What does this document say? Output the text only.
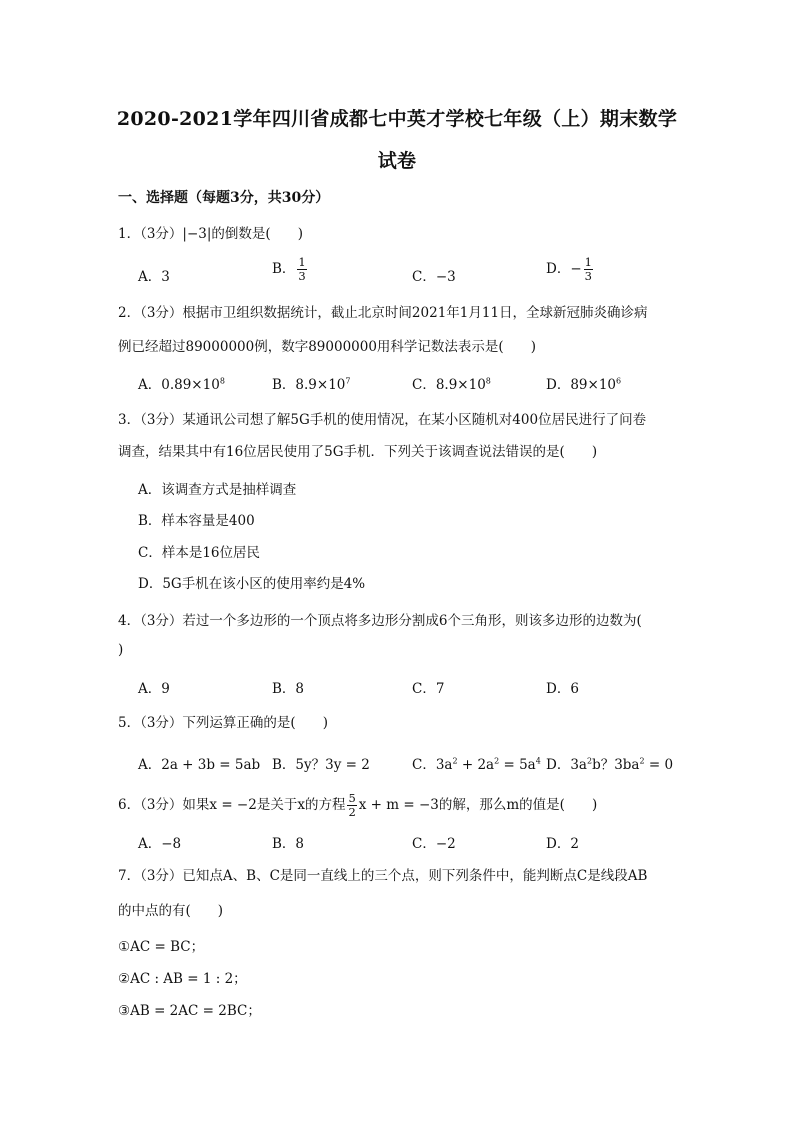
2020-2021学年四川省成都七中英才学校七年级（上）期末数学
试卷
一、选择题（每题3分，共30分）
1．（3分）|−3|的倒数是(　　)
A．3	B． $\frac{1}{3}$	C．−3	D．− $\frac{1}{3}$
2．（3分）根据市卫组织数据统计，截止北京时间2021年1月11日，全球新冠肺炎确诊病
例已经超过89000000例，数字89000000用科学记数法表示是(　　)
A．$0.89\times 10^8$	B．$8.9\times 10^7$	C．$8.9\times 10^8$	D．$89\times 10^6$
3．（3分）某通讯公司想了解5G手机的使用情况，在某小区随机对400位居民进行了问卷
调查，结果其中有16位居民使用了5G手机．下列关于该调查说法错误的是(　　)
A．该调查方式是抽样调查
B．样本容量是400
C．样本是16位居民
D．5G手机在该小区的使用率约是4%
4．（3分）若过一个多边形的一个顶点将多边形分割成6个三角形，则该多边形的边数为(
)
A．9	B．8	C．7	D．6
5．（3分）下列运算正确的是(　　)
A．2a + 3b = 5ab B．5y？3y = 2	C．$3a^2 + 2a^2 = 5a^4$ D．$3a^2b$？$3ba^2 = 0$
6．（3分）如果x = −2是关于x的方程 $\frac{5}{2}$ x + m = −3的解，那么m的值是(　　)
A．−8	B．8	C．−2	D．2
7．（3分）已知点A、B、C是同一直线上的三个点，则下列条件中，能判断点C是线段AB
的中点的有(　　)
①AC = BC；
②AC : AB = 1 : 2；
③AB = 2AC = 2BC；
